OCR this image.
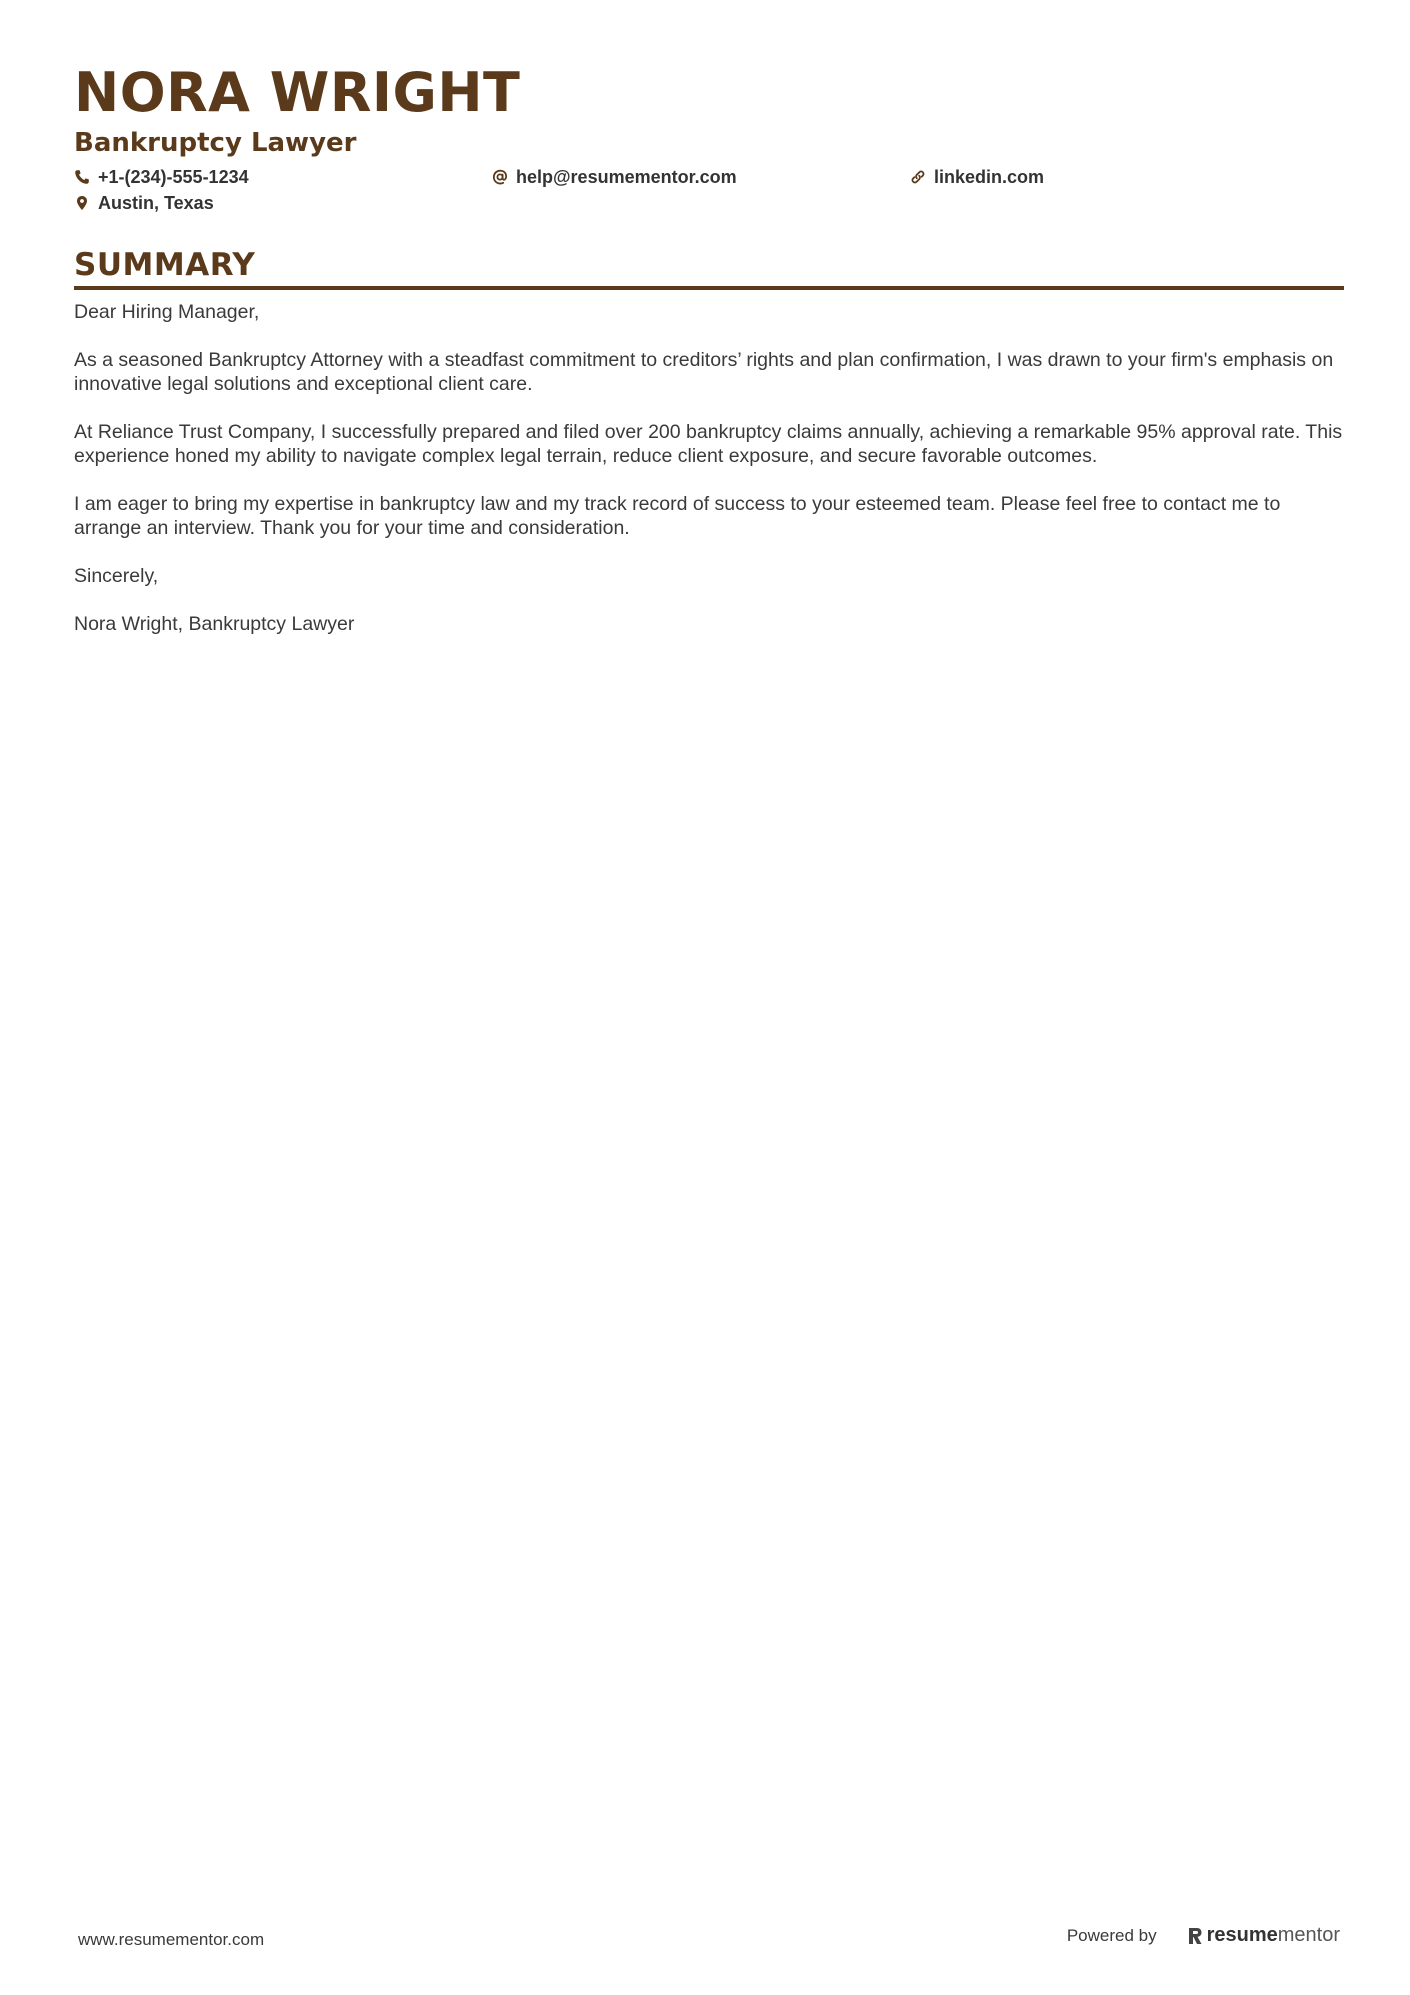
NORA WRIGHT
Bankruptcy Lawyer
+1-(234)-555-1234	help@resumementor.com	linkedin.com
Austin, Texas
SUMMARY

Dear Hiring Manager,

As a seasoned Bankruptcy Attorney with a steadfast commitment to creditors’ rights and plan confirmation, I was drawn to your firm's emphasis on innovative legal solutions and exceptional client care.

At Reliance Trust Company, I successfully prepared and filed over 200 bankruptcy claims annually, achieving a remarkable 95% approval rate. This experience honed my ability to navigate complex legal terrain, reduce client exposure, and secure favorable outcomes.

I am eager to bring my expertise in bankruptcy law and my track record of success to your esteemed team. Please feel free to contact me to arrange an interview. Thank you for your time and consideration.

Sincerely,

Nora Wright, Bankruptcy Lawyer

www.resumementor.com	Powered by	resume mentor
